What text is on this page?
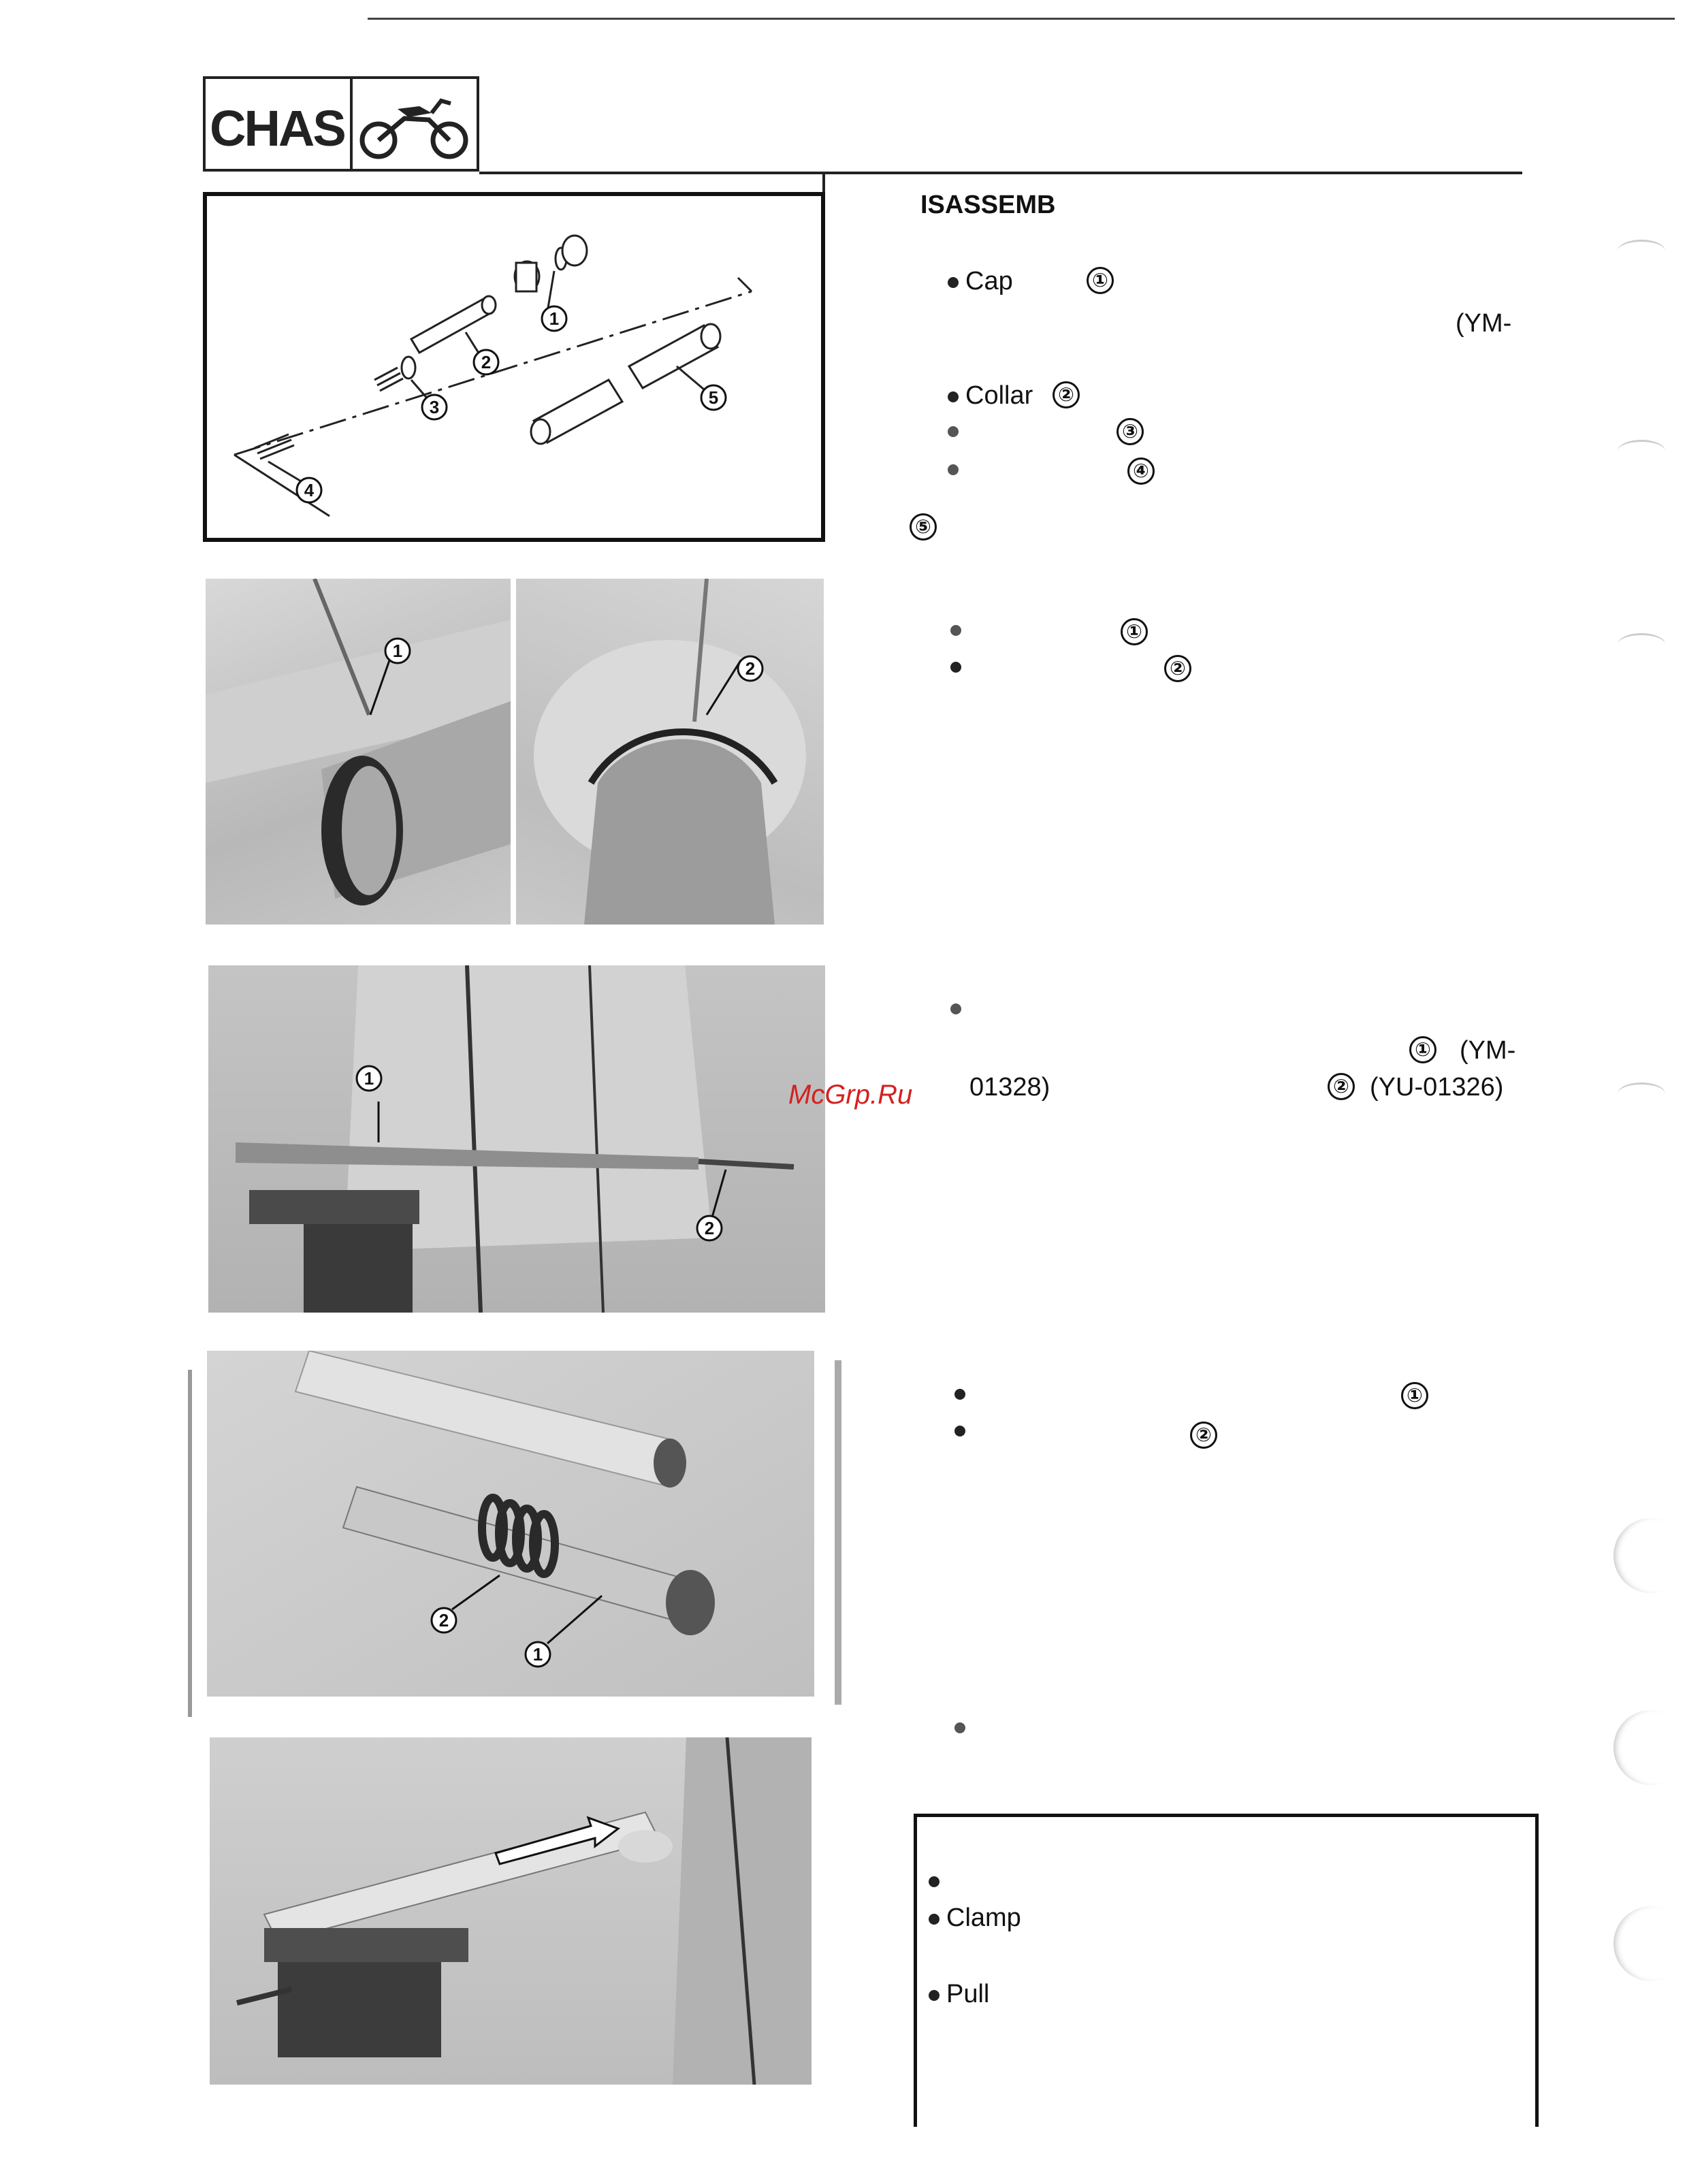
CHAS
ISASSEMB
1
2
3
4
5
Cap	①
(YM-
Collar ②
③
④
⑤
1
2
①
②
1
2
① (YM-
McGrp.Ru 01328)	② (YU-01326)
2
1
①
②
Clamp
Pull
